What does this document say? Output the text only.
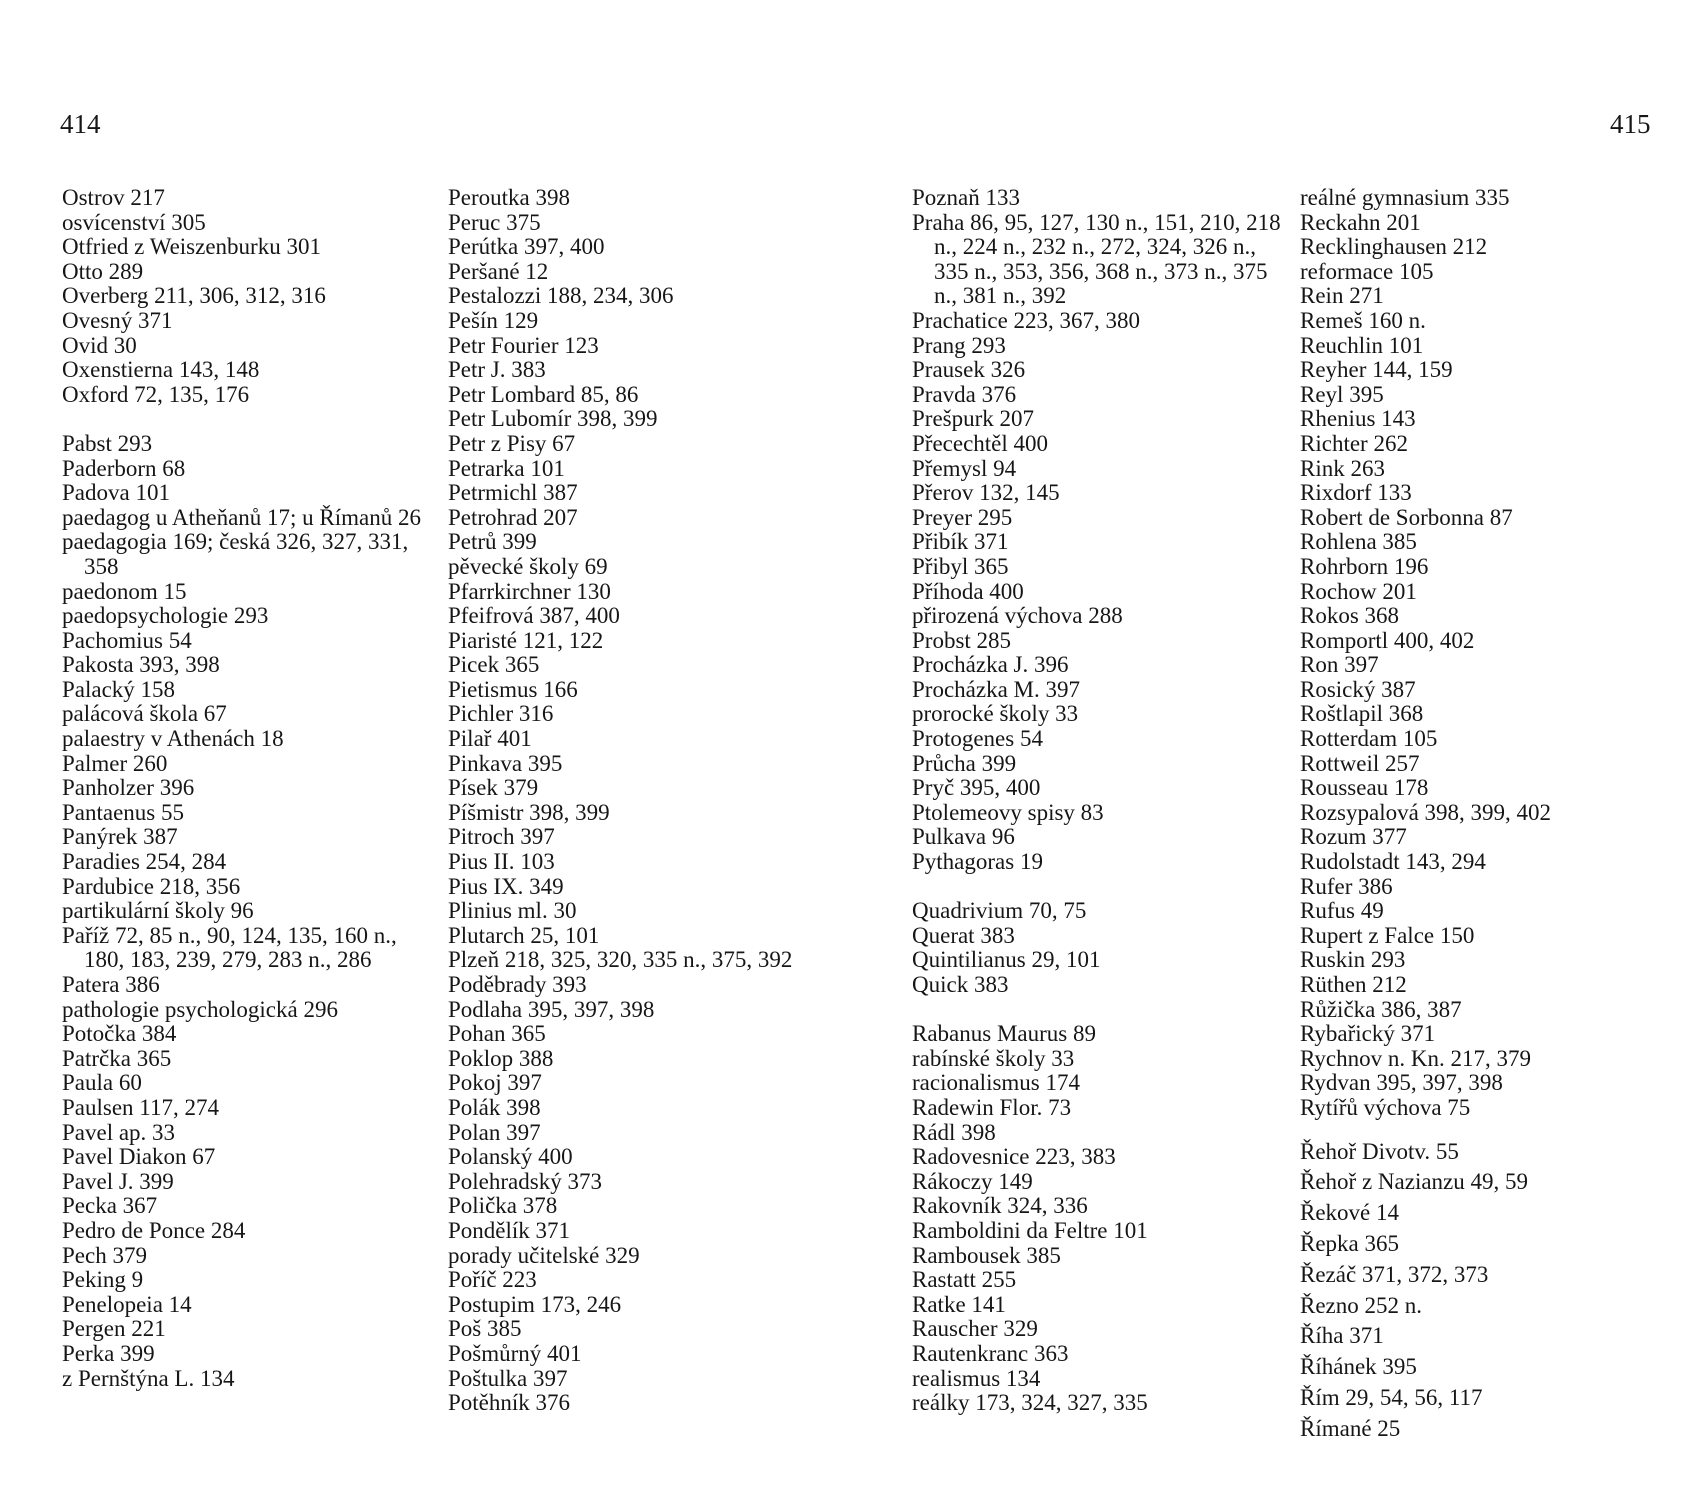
414	415
Ostrov 217
osvícenství 305
Otfried z Weiszenburku 301
Otto 289
Overberg 211, 306, 312, 316
Ovesný 371
Ovid 30
Oxenstierna 143, 148
Oxford 72, 135, 176
Pabst 293
Paderborn 68
Padova 101
paedagog u Atheňanů 17; u Římanů 26
paedagogia 169; česká 326, 327, 331, 358
paedonom 15
paedopsychologie 293
Pachomius 54
Pakosta 393, 398
Palacký 158
palácová škola 67
palaestry v Athenách 18
Palmer 260
Panholzer 396
Pantaenus 55
Panýrek 387
Paradies 254, 284
Pardubice 218, 356
partikulární školy 96
Paříž 72, 85 n., 90, 124, 135, 160 n., 180, 183, 239, 279, 283 n., 286
Patera 386
pathologie psychologická 296
Potočka 384
Patrčka 365
Paula 60
Paulsen 117, 274
Pavel ap. 33
Pavel Diakon 67
Pavel J. 399
Pecka 367
Pedro de Ponce 284
Pech 379
Peking 9
Penelopeia 14
Pergen 221
Perka 399
z Pernštýna L. 134
Peroutka 398
Peruc 375
Perútka 397, 400
Peršané 12
Pestalozzi 188, 234, 306
Pešín 129
Petr Fourier 123
Petr J. 383
Petr Lombard 85, 86
Petr Lubomír 398, 399
Petr z Pisy 67
Petrarka 101
Petrmichl 387
Petrohrad 207
Petrů 399
pěvecké školy 69
Pfarrkirchner 130
Pfeifrová 387, 400
Piaristé 121, 122
Picek 365
Pietismus 166
Pichler 316
Pilař 401
Pinkava 395
Písek 379
Píšmistr 398, 399
Pitroch 397
Pius II. 103
Pius IX. 349
Plinius ml. 30
Plutarch 25, 101
Plzeň 218, 325, 320, 335 n., 375, 392
Poděbrady 393
Podlaha 395, 397, 398
Pohan 365
Poklop 388
Pokoj 397
Polák 398
Polan 397
Polanský 400
Polehradský 373
Polička 378
Pondělík 371
porady učitelské 329
Poříč 223
Postupim 173, 246
Poš 385
Pošmůrný 401
Poštulka 397
Potěhník 376
Poznaň 133
Praha 86, 95, 127, 130 n., 151, 210, 218 n., 224 n., 232 n., 272, 324, 326 n., 335 n., 353, 356, 368 n., 373 n., 375 n., 381 n., 392
Prachatice 223, 367, 380
Prang 293
Prausek 326
Pravda 376
Prešpurk 207
Přecechtěl 400
Přemysl 94
Přerov 132, 145
Preyer 295
Přibík 371
Přibyl 365
Příhoda 400
přirozená výchova 288
Probst 285
Procházka J. 396
Procházka M. 397
prorocké školy 33
Protogenes 54
Průcha 399
Pryč 395, 400
Ptolemeovy spisy 83
Pulkava 96
Pythagoras 19
Quadrivium 70, 75
Querat 383
Quintilianus 29, 101
Quick 383
Rabanus Maurus 89
rabínské školy 33
racionalismus 174
Radewin Flor. 73
Rádl 398
Radovesnice 223, 383
Rákoczy 149
Rakovník 324, 336
Ramboldini da Feltre 101
Rambousek 385
Rastatt 255
Ratke 141
Rauscher 329
Rautenkranc 363
realismus 134
reálky 173, 324, 327, 335
reálné gymnasium 335
Reckahn 201
Recklinghausen 212
reformace 105
Rein 271
Remeš 160 n.
Reuchlin 101
Reyher 144, 159
Reyl 395
Rhenius 143
Richter 262
Rink 263
Rixdorf 133
Robert de Sorbonna 87
Rohlena 385
Rohrborn 196
Rochow 201
Rokos 368
Romportl 400, 402
Ron 397
Rosický 387
Roštlapil 368
Rotterdam 105
Rottweil 257
Rousseau 178
Rozsypalová 398, 399, 402
Rozum 377
Rudolstadt 143, 294
Rufer 386
Rufus 49
Rupert z Falce 150
Ruskin 293
Rüthen 212
Růžička 386, 387
Rybařický 371
Rychnov n. Kn. 217, 379
Rydvan 395, 397, 398
Rytířů výchova 75
Řehoř Divotv. 55
Řehoř z Nazianzu 49, 59
Řekové 14
Řepka 365
Řezáč 371, 372, 373
Řezno 252 n.
Říha 371
Říhánek 395
Řím 29, 54, 56, 117
Římané 25
